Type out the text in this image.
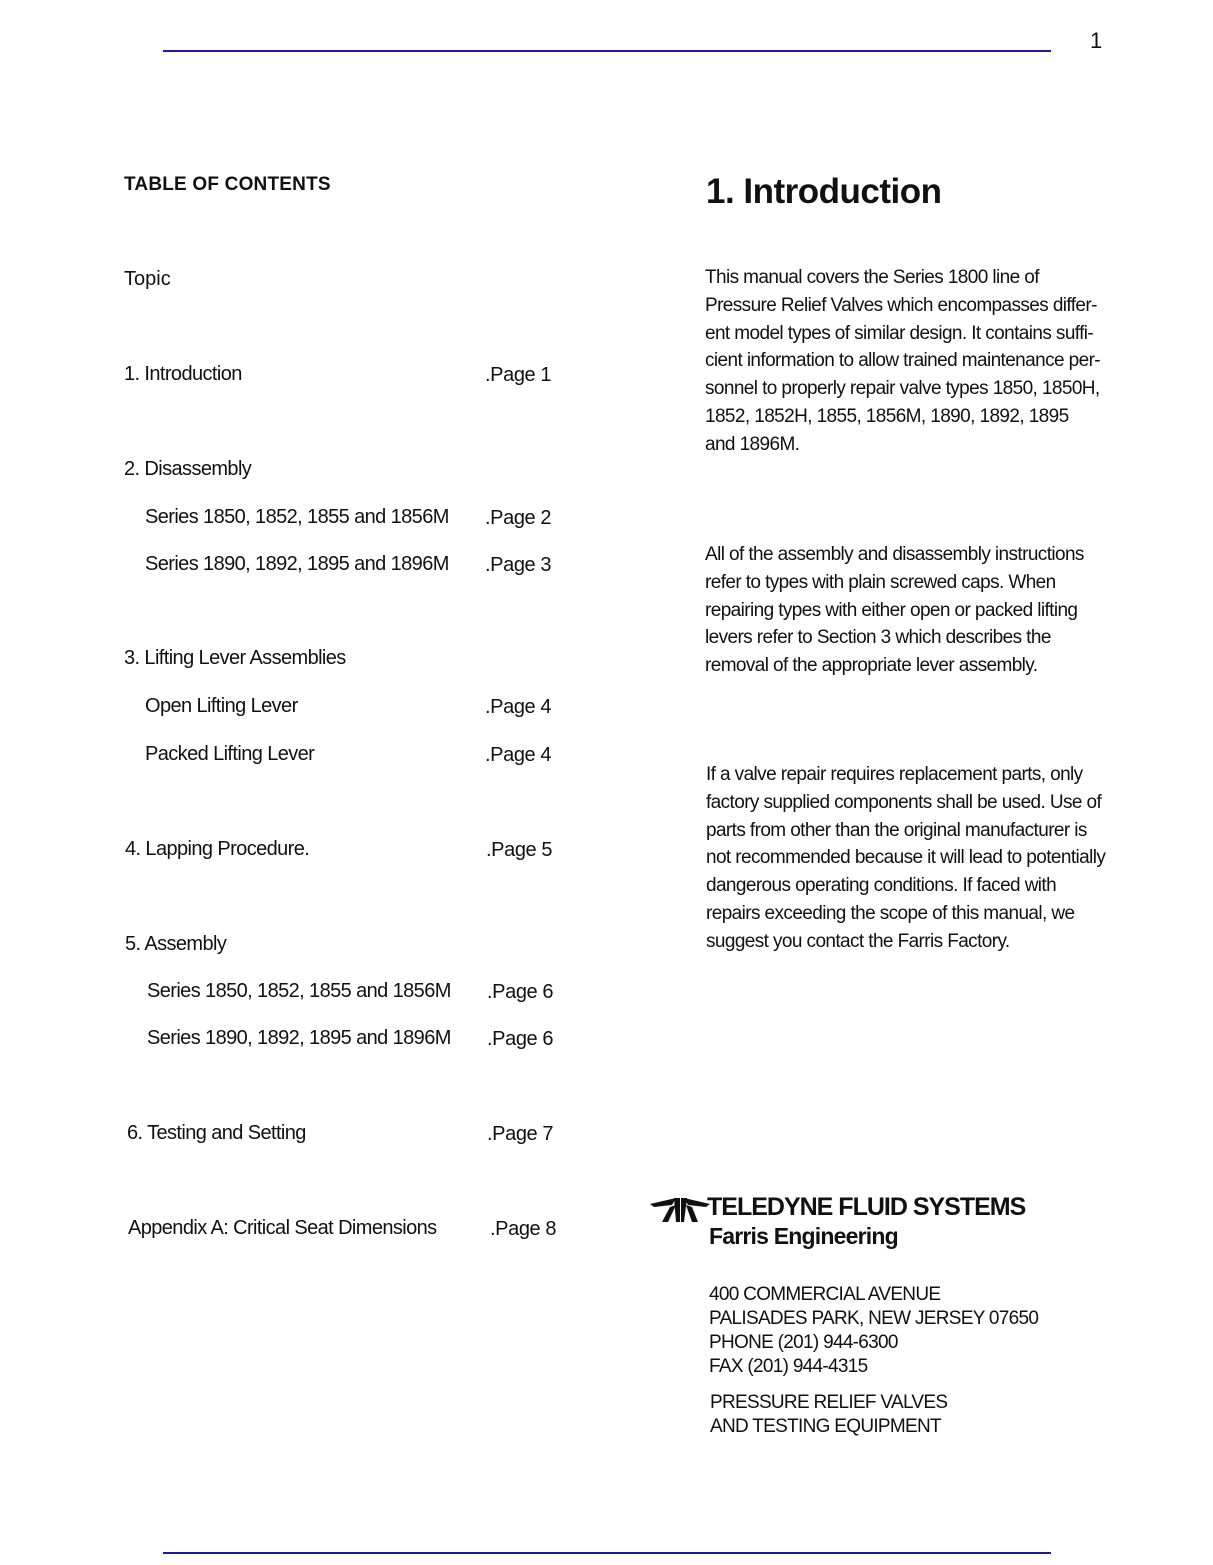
1
TABLE OF CONTENTS
Topic
1. Introduction	.Page 1
2. Disassembly
Series 1850, 1852, 1855 and 1856M .Page 2
Series 1890, 1892, 1895 and 1896M .Page 3
3. Lifting Lever Assemblies
Open Lifting Lever	.Page 4
Packed Lifting Lever	.Page 4
4. Lapping Procedure.	.Page 5
5. Assembly
Series 1850, 1852, 1855 and 1856M .Page 6
Series 1890, 1892, 1895 and 1896M .Page 6
6. Testing and Setting	.Page 7
Appendix A: Critical Seat Dimensions	.Page 8
1. Introduction
This manual covers the Series 1800 line of
Pressure Relief Valves which encompasses differ-
ent model types of similar design. It contains suffi-
cient information to allow trained maintenance per-
sonnel to properly repair valve types 1850, 1850H,
1852, 1852H, 1855, 1856M, 1890, 1892, 1895
and 1896M.
All of the assembly and disassembly instructions
refer to types with plain screwed caps. When
repairing types with either open or packed lifting
levers refer to Section 3 which describes the
removal of the appropriate lever assembly.
If a valve repair requires replacement parts, only
factory supplied components shall be used. Use of
parts from other than the original manufacturer is
not recommended because it will lead to potentially
dangerous operating conditions. If faced with
repairs exceeding the scope of this manual, we
suggest you contact the Farris Factory.
TELEDYNE FLUID SYSTEMS
Farris Engineering
400 COMMERCIAL AVENUE
PALISADES PARK, NEW JERSEY 07650
PHONE (201) 944-6300
FAX (201) 944-4315
PRESSURE RELIEF VALVES
AND TESTING EQUIPMENT
